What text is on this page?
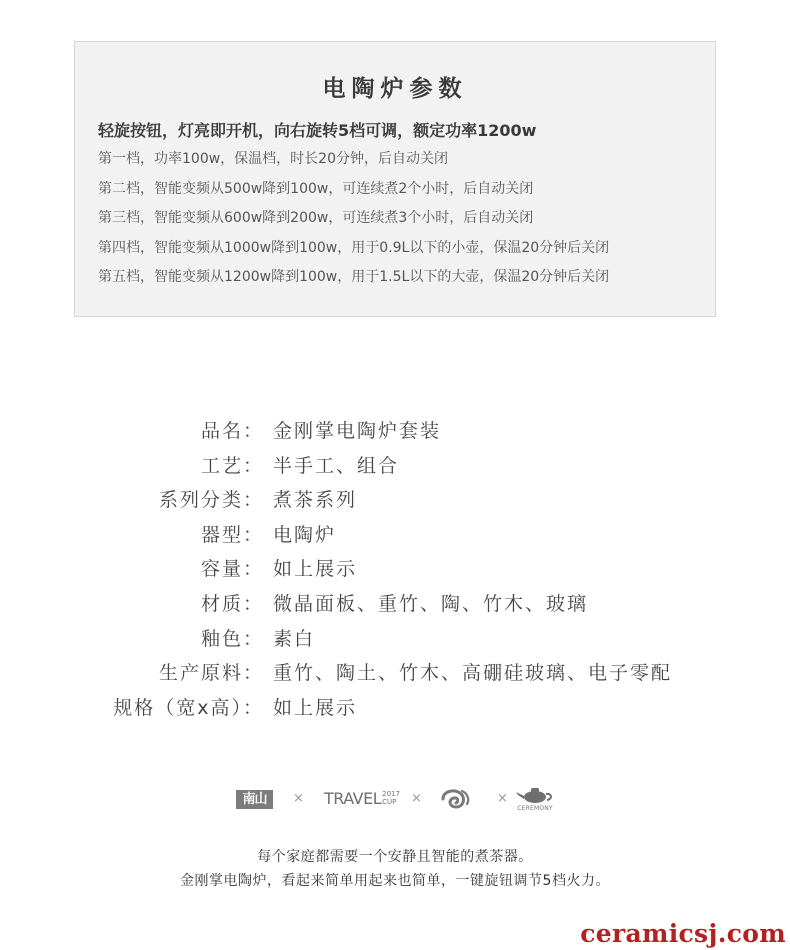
电陶炉参数
轻旋按钮，灯亮即开机，向右旋转5档可调，额定功率1200w
第一档，功率100w，保温档，时长20分钟，后自动关闭
第二档，智能变频从500w降到100w，可连续煮2个小时，后自动关闭
第三档，智能变频从600w降到200w，可连续煮3个小时，后自动关闭
第四档，智能变频从1000w降到100w，用于0.9L以下的小壶，保温20分钟后关闭
第五档，智能变频从1200w降到100w，用于1.5L以下的大壶，保温20分钟后关闭
品名： 金刚掌电陶炉套装
工艺： 半手工、组合
系列分类： 煮茶系列
器型： 电陶炉
容量： 如上展示
材质： 微晶面板、重竹、陶、竹木、玻璃
釉色： 素白
生产原料： 重竹、陶土、竹木、高硼硅玻璃、电子零配
规格（宽x高）： 如上展示
南山	× TRAVEL2017
CUP ×	×
CEREMONY
每个家庭都需要一个安静且智能的煮茶器。
金刚掌电陶炉，看起来简单用起来也简单，一键旋钮调节5档火力。
ceramicsj.com
